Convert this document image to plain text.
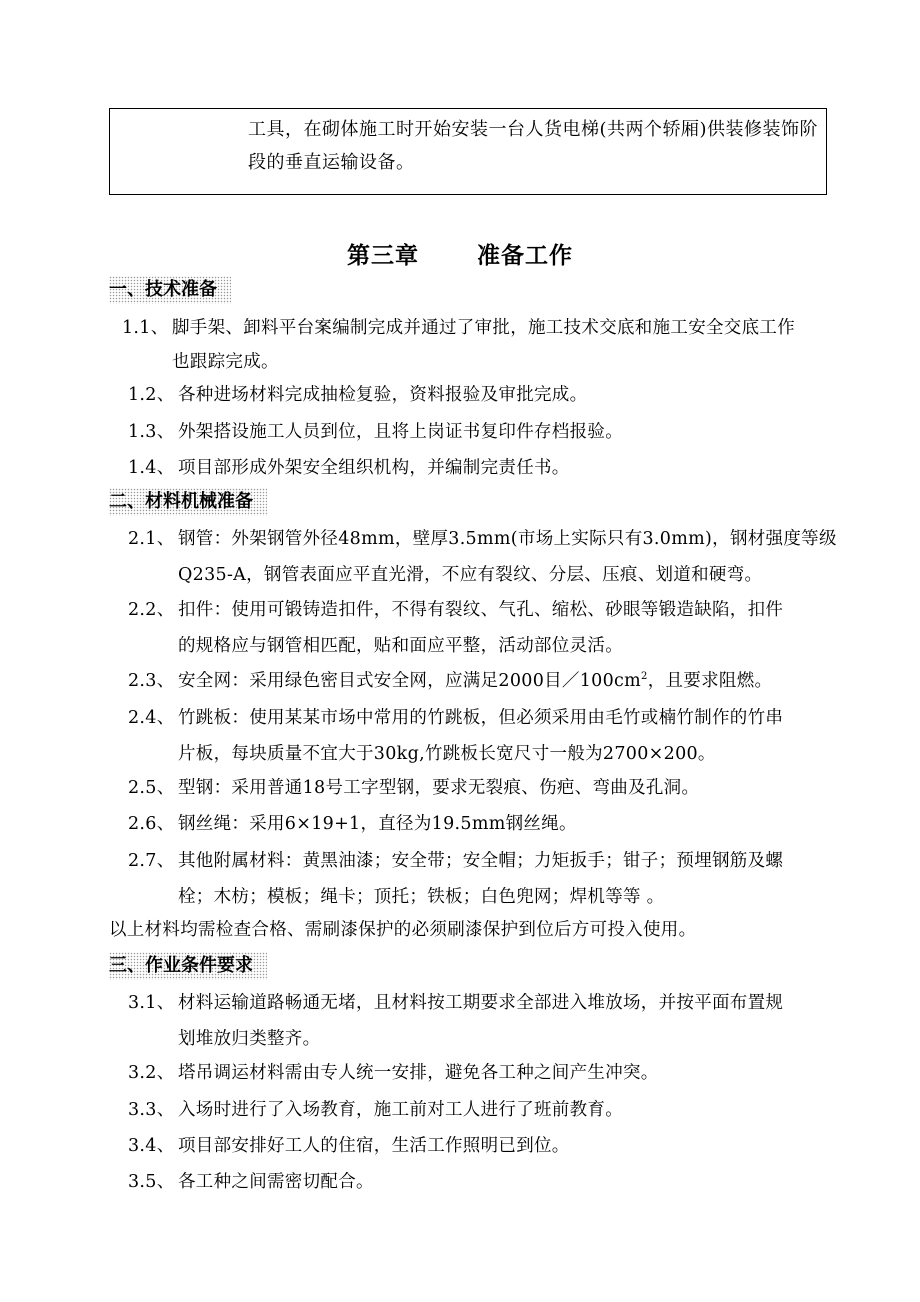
工具，在砌体施工时开始安装一台人货电梯(共两个轿厢)供装修装饰阶
段的垂直运输设备。
第三章	准备工作
一、技术准备
1.1、 脚手架、卸料平台案编制完成并通过了审批，施工技术交底和施工安全交底工作
也跟踪完成。
1.2、 各种进场材料完成抽检复验，资料报验及审批完成。
1.3、 外架搭设施工人员到位，且将上岗证书复印件存档报验。
1.4、 项目部形成外架安全组织机构，并编制完责任书。
二、材料机械准备
2.1、 钢管：外架钢管外径48mm，壁厚3.5mm(市场上实际只有3.0mm)，钢材强度等级
Q235-A，钢管表面应平直光滑，不应有裂纹、分层、压痕、划道和硬弯。
2.2、 扣件：使用可锻铸造扣件，不得有裂纹、气孔、缩松、砂眼等锻造缺陷，扣件
的规格应与钢管相匹配，贴和面应平整，活动部位灵活。
2.3、 安全网：采用绿色密目式安全网，应满足2000目$/100cm^2$，且要求阻燃。
2.4、 竹跳板：使用某某市场中常用的竹跳板，但必须采用由毛竹或楠竹制作的竹串
片板，每块质量不宜大于30kg,竹跳板长宽尺寸一般为2700×200。
2.5、 型钢：采用普通18号工字型钢，要求无裂痕、伤疤、弯曲及孔洞。
2.6、 钢丝绳：采用6×19+1，直径为19.5mm钢丝绳。
2.7、 其他附属材料：黄黑油漆；安全带；安全帽；力矩扳手；钳子；预埋钢筋及螺
栓；木枋；模板；绳卡；顶托；铁板；白色兜网；焊机等等 。
以上材料均需检查合格、需刷漆保护的必须刷漆保护到位后方可投入使用。
三、作业条件要求
3.1、 材料运输道路畅通无堵，且材料按工期要求全部进入堆放场，并按平面布置规
划堆放归类整齐。
3.2、 塔吊调运材料需由专人统一安排，避免各工种之间产生冲突。
3.3、 入场时进行了入场教育，施工前对工人进行了班前教育。
3.4、 项目部安排好工人的住宿，生活工作照明已到位。
3.5、 各工种之间需密切配合。
